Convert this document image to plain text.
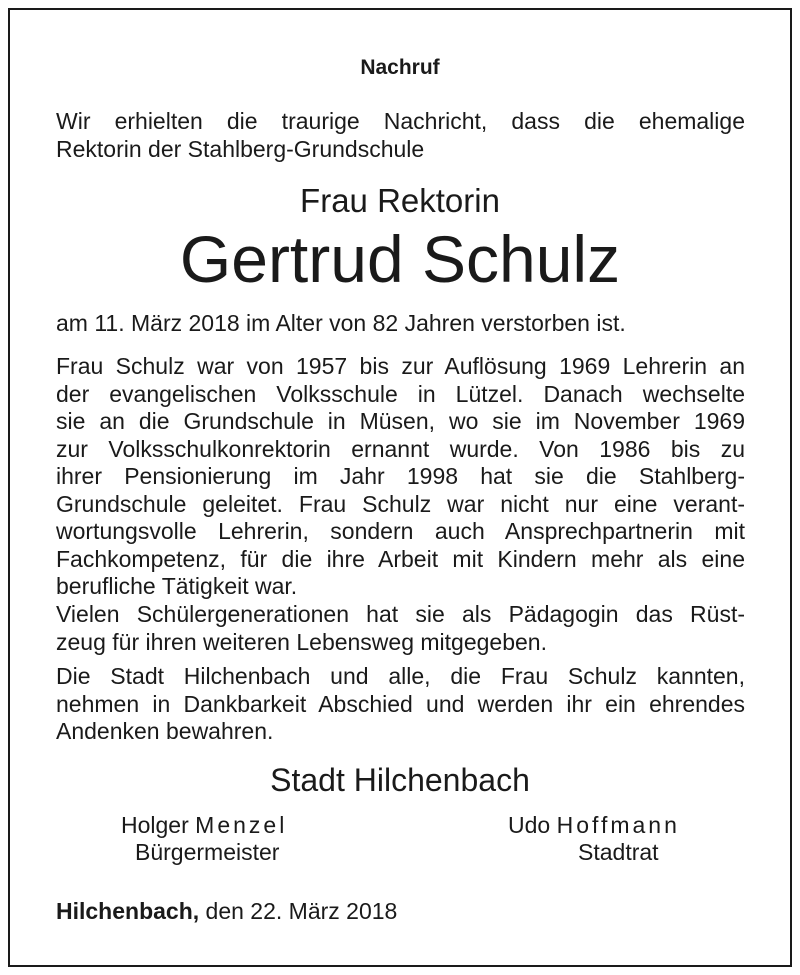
Nachruf
Wir erhielten die traurige Nachricht, dass die ehemalige
Rektorin der Stahlberg-Grundschule
Frau Rektorin
Gertrud Schulz
am 11. März 2018 im Alter von 82 Jahren verstorben ist.
Frau Schulz war von 1957 bis zur Auflösung 1969 Lehrerin an
der evangelischen Volksschule in Lützel. Danach wechselte
sie an die Grundschule in Müsen, wo sie im November 1969
zur Volksschulkonrektorin ernannt wurde. Von 1986 bis zu
ihrer Pensionierung im Jahr 1998 hat sie die Stahlberg-
Grundschule geleitet. Frau Schulz war nicht nur eine verant-
wortungsvolle Lehrerin, sondern auch Ansprechpartnerin mit
Fachkompetenz, für die ihre Arbeit mit Kindern mehr als eine
berufliche Tätigkeit war.
Vielen Schülergenerationen hat sie als Pädagogin das Rüst-
zeug für ihren weiteren Lebensweg mitgegeben.
Die Stadt Hilchenbach und alle, die Frau Schulz kannten,
nehmen in Dankbarkeit Abschied und werden ihr ein ehrendes
Andenken bewahren.
Stadt Hilchenbach
Holger Menzel
Bürgermeister
Udo Hoffmann
Stadtrat
Hilchenbach, den 22. März 2018
